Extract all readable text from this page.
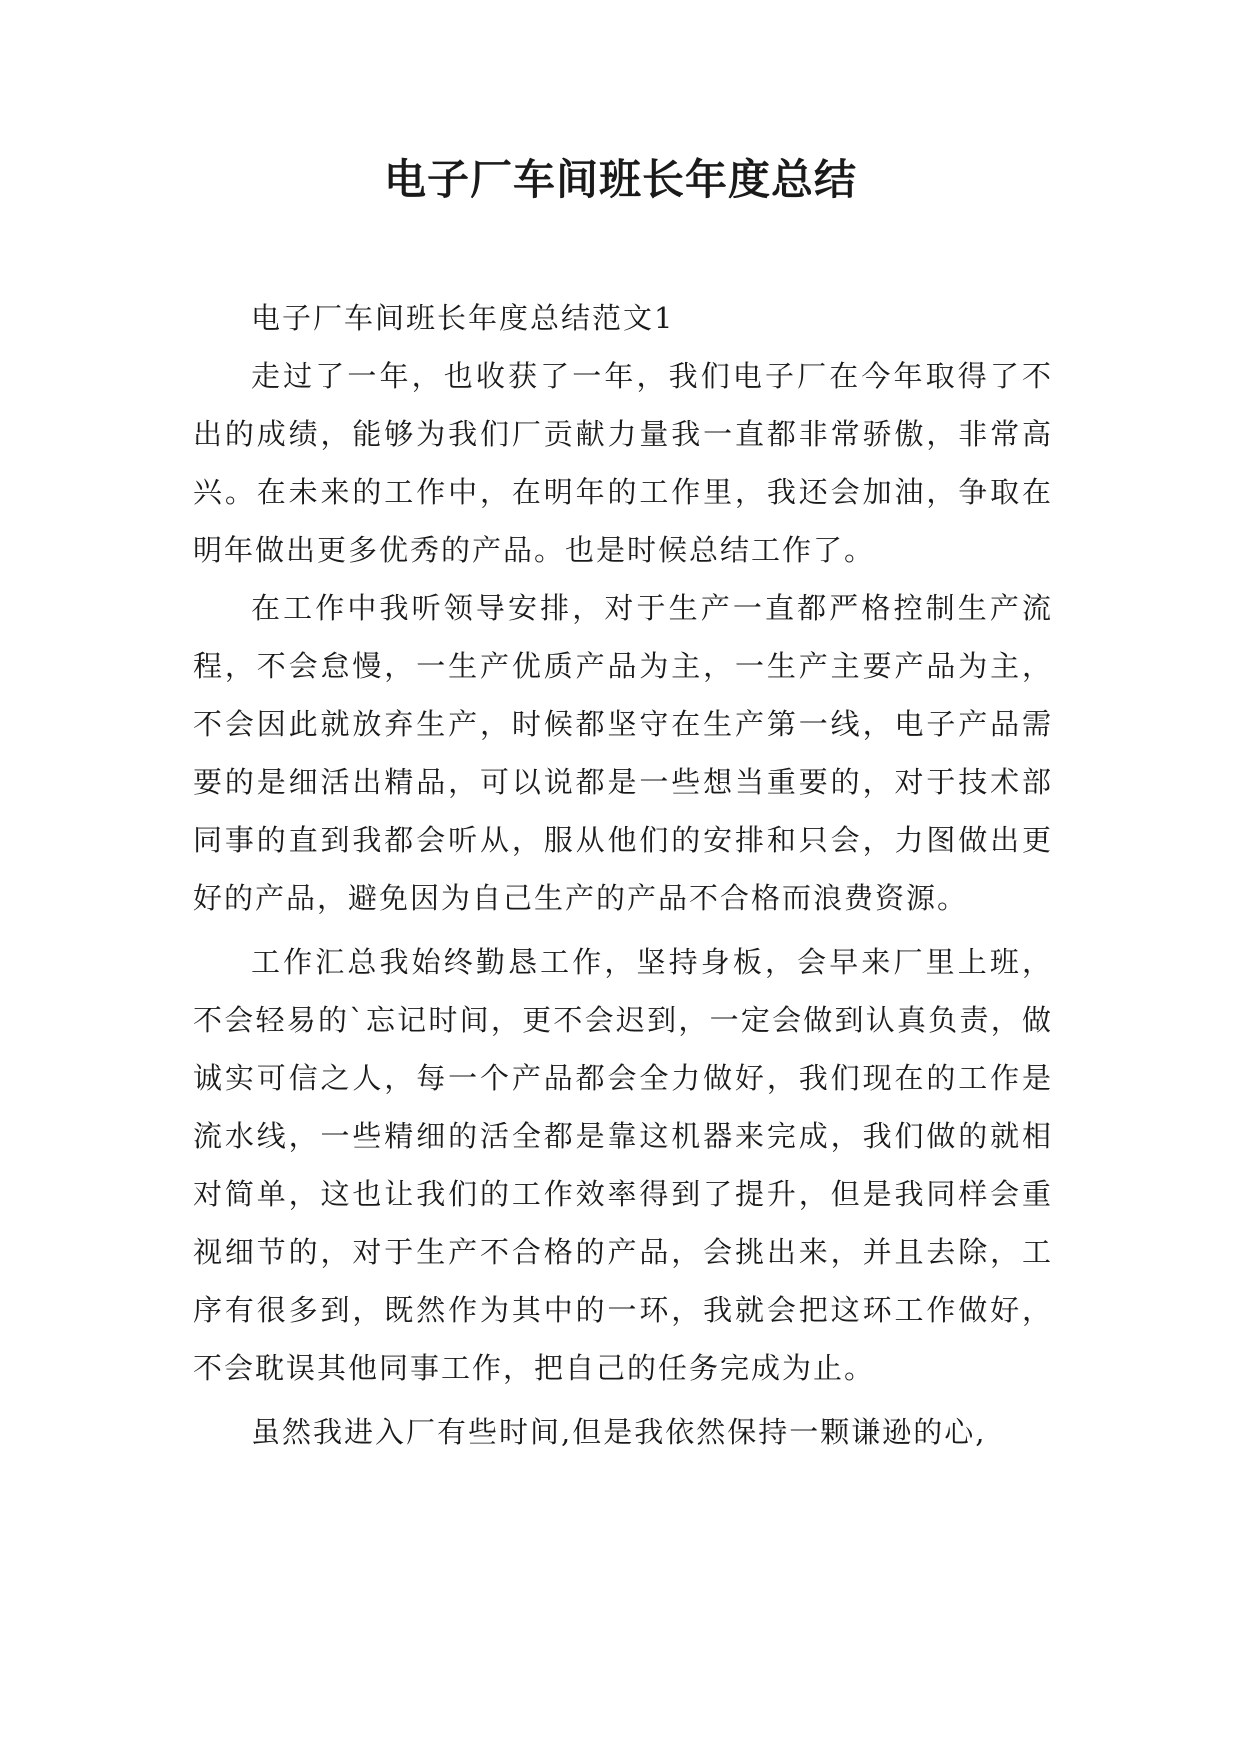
电子厂车间班长年度总结

电子厂车间班长年度总结范文1

走过了一年，也收获了一年，我们电子厂在今年取得了不出的成绩，能够为我们厂贡献力量我一直都非常骄傲，非常高兴。在未来的工作中，在明年的工作里，我还会加油，争取在明年做出更多优秀的产品。也是时候总结工作了。

在工作中我听领导安排，对于生产一直都严格控制生产流程，不会怠慢，一生产优质产品为主，一生产主要产品为主，不会因此就放弃生产，时候都坚守在生产第一线，电子产品需要的是细活出精品，可以说都是一些想当重要的，对于技术部同事的直到我都会听从，服从他们的安排和只会，力图做出更好的产品，避免因为自己生产的产品不合格而浪费资源。

工作汇总我始终勤恳工作，坚持身板，会早来厂里上班，不会轻易的`忘记时间，更不会迟到，一定会做到认真负责，做诚实可信之人，每一个产品都会全力做好，我们现在的工作是流水线，一些精细的活全都是靠这机器来完成，我们做的就相对简单，这也让我们的工作效率得到了提升，但是我同样会重视细节的，对于生产不合格的产品，会挑出来，并且去除，工序有很多到，既然作为其中的一环，我就会把这环工作做好，不会耽误其他同事工作，把自己的任务完成为止。

虽然我进入厂有些时间,但是我依然保持一颗谦逊的心,
